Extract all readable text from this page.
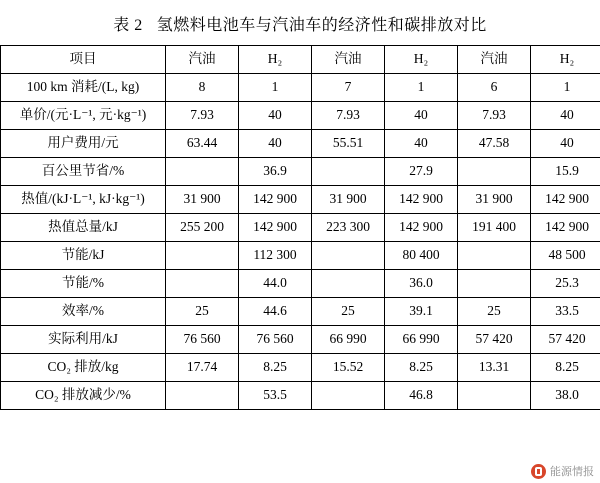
表 2 氢燃料电池车与汽油车的经济性和碳排放对比
项目	汽油	H₂	汽油	H₂	汽油	H₂
100 km 消耗/(L, kg)	8	1	7	1	6	1
单价/(元·L⁻¹, 元·kg⁻¹)	7.93	40	7.93	40	7.93	40
用户费用/元	63.44	40	55.51	40	47.58	40
百公里节省/%		36.9		27.9		15.9
热值/(kJ·L⁻¹, kJ·kg⁻¹)	31 900	142 900	31 900	142 900	31 900	142 900
热值总量/kJ	255 200	142 900	223 300	142 900	191 400	142 900
节能/kJ		112 300		80 400		48 500
节能/%		44.0		36.0		25.3
效率/%	25	44.6	25	39.1	25	33.5
实际利用/kJ	76 560	76 560	66 990	66 990	57 420	57 420
CO₂ 排放/kg	17.74	8.25	15.52	8.25	13.31	8.25
CO₂ 排放减少/%		53.5		46.8		38.0
能源情报
